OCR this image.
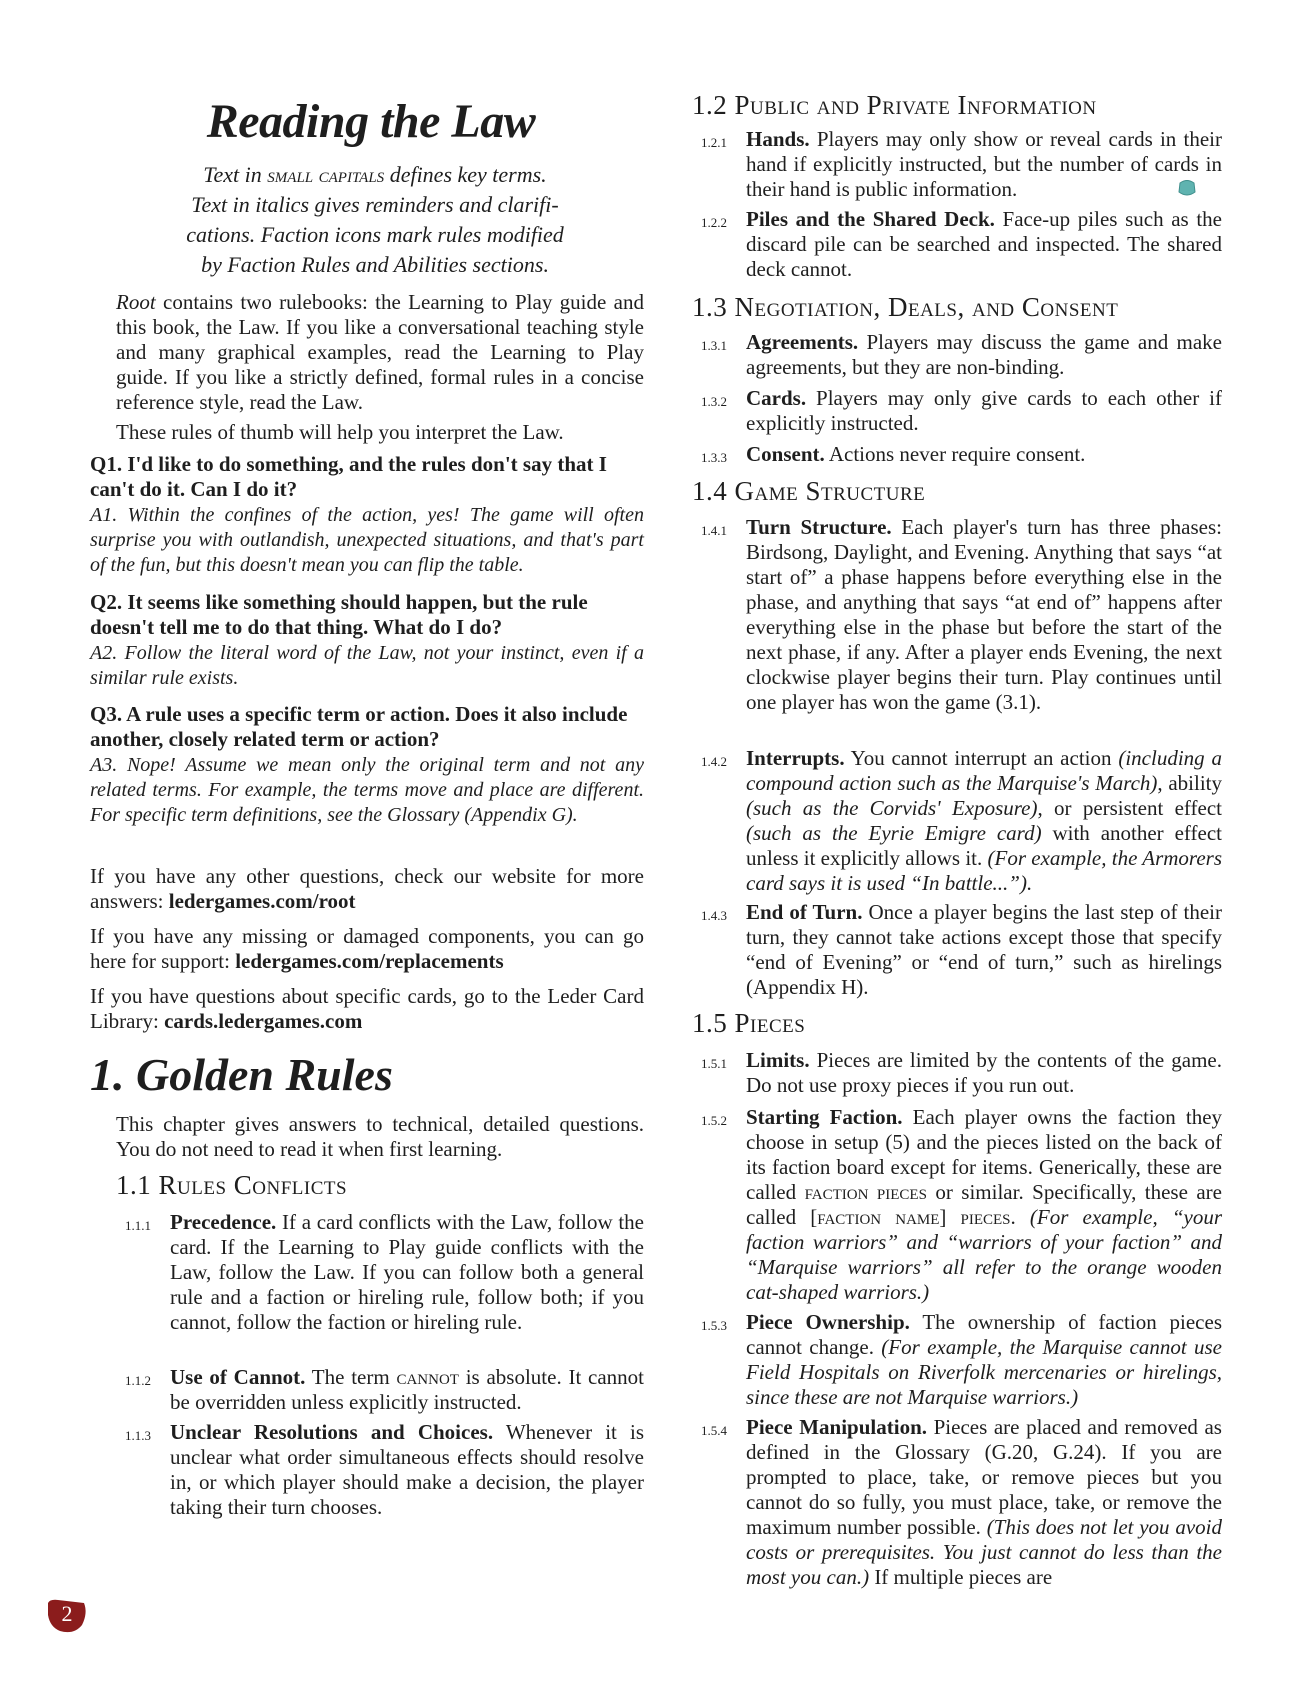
Reading the Law
Text in small capitals defines key terms.
Text in italics gives reminders and clarifi-
cations. Faction icons mark rules modified
by Faction Rules and Abilities sections.
Root contains two rulebooks: the Learning to Play guide and this book, the Law. If you like a conversational teaching style and many graphical examples, read the Learning to Play guide. If you like a strictly defined, formal rules in a concise reference style, read the Law.
These rules of thumb will help you interpret the Law.
Q1. I'd like to do something, and the rules don't say that I can't do it. Can I do it?
A1. Within the confines of the action, yes! The game will often surprise you with outlandish, unexpected situations, and that's part of the fun, but this doesn't mean you can flip the table.
Q2. It seems like something should happen, but the rule doesn't tell me to do that thing. What do I do?
A2. Follow the literal word of the Law, not your instinct, even if a similar rule exists.
Q3. A rule uses a specific term or action. Does it also include another, closely related term or action?
A3. Nope! Assume we mean only the original term and not any related terms. For example, the terms move and place are different. For specific term definitions, see the Glossary (Appendix G).
If you have any other questions, check our website for more answers: ledergames.com/root
If you have any missing or damaged components, you can go here for support: ledergames.com/replacements
If you have questions about specific cards, go to the Leder Card Library: cards.ledergames.com
1. Golden Rules
This chapter gives answers to technical, detailed questions. You do not need to read it when first learning.
1.1 Rules Conflicts
1.1.1 Precedence. If a card conflicts with the Law, follow the card. If the Learning to Play guide conflicts with the Law, follow the Law. If you can follow both a general rule and a faction or hireling rule, follow both; if you cannot, follow the faction or hireling rule.
1.1.2 Use of Cannot. The term cannot is absolute. It cannot be overridden unless explicitly instructed.
1.1.3 Unclear Resolutions and Choices. Whenever it is unclear what order simultaneous effects should resolve in, or which player should make a decision, the player taking their turn chooses.
1.2 Public and Private Information
1.2.1 Hands. Players may only show or reveal cards in their hand if explicitly instructed, but the number of cards in their hand is public information.
1.2.2 Piles and the Shared Deck. Face-up piles such as the discard pile can be searched and inspected. The shared deck cannot.
1.3 Negotiation, Deals, and Consent
1.3.1 Agreements. Players may discuss the game and make agreements, but they are non-binding.
1.3.2 Cards. Players may only give cards to each other if explicitly instructed.
1.3.3 Consent. Actions never require consent.
1.4 Game Structure
1.4.1 Turn Structure. Each player's turn has three phases: Birdsong, Daylight, and Evening. Anything that says “at start of” a phase happens before everything else in the phase, and anything that says “at end of” happens after everything else in the phase but before the start of the next phase, if any. After a player ends Evening, the next clockwise player begins their turn. Play continues until one player has won the game (3.1).
1.4.2 Interrupts. You cannot interrupt an action (including a compound action such as the Marquise's March), ability (such as the Corvids' Exposure), or persistent effect (such as the Eyrie Emigre card) with another effect unless it explicitly allows it. (For example, the Armorers card says it is used “In battle...”).
1.4.3 End of Turn. Once a player begins the last step of their turn, they cannot take actions except those that specify “end of Evening” or “end of turn,” such as hirelings (Appendix H).
1.5 Pieces
1.5.1 Limits. Pieces are limited by the contents of the game. Do not use proxy pieces if you run out.
1.5.2 Starting Faction. Each player owns the faction they choose in setup (5) and the pieces listed on the back of its faction board except for items. Generically, these are called faction pieces or similar. Specifically, these are called [faction name] pieces. (For example, “your faction warriors” and “warriors of your faction” and “Marquise warriors” all refer to the orange wooden cat-shaped warriors.)
1.5.3 Piece Ownership. The ownership of faction pieces cannot change. (For example, the Marquise cannot use Field Hospitals on Riverfolk mercenaries or hirelings, since these are not Marquise warriors.)
1.5.4 Piece Manipulation. Pieces are placed and removed as defined in the Glossary (G.20, G.24). If you are prompted to place, take, or remove pieces but you cannot do so fully, you must place, take, or remove the maximum number possible. (This does not let you avoid costs or prerequisites. You just cannot do less than the most you can.) If multiple pieces are
2
